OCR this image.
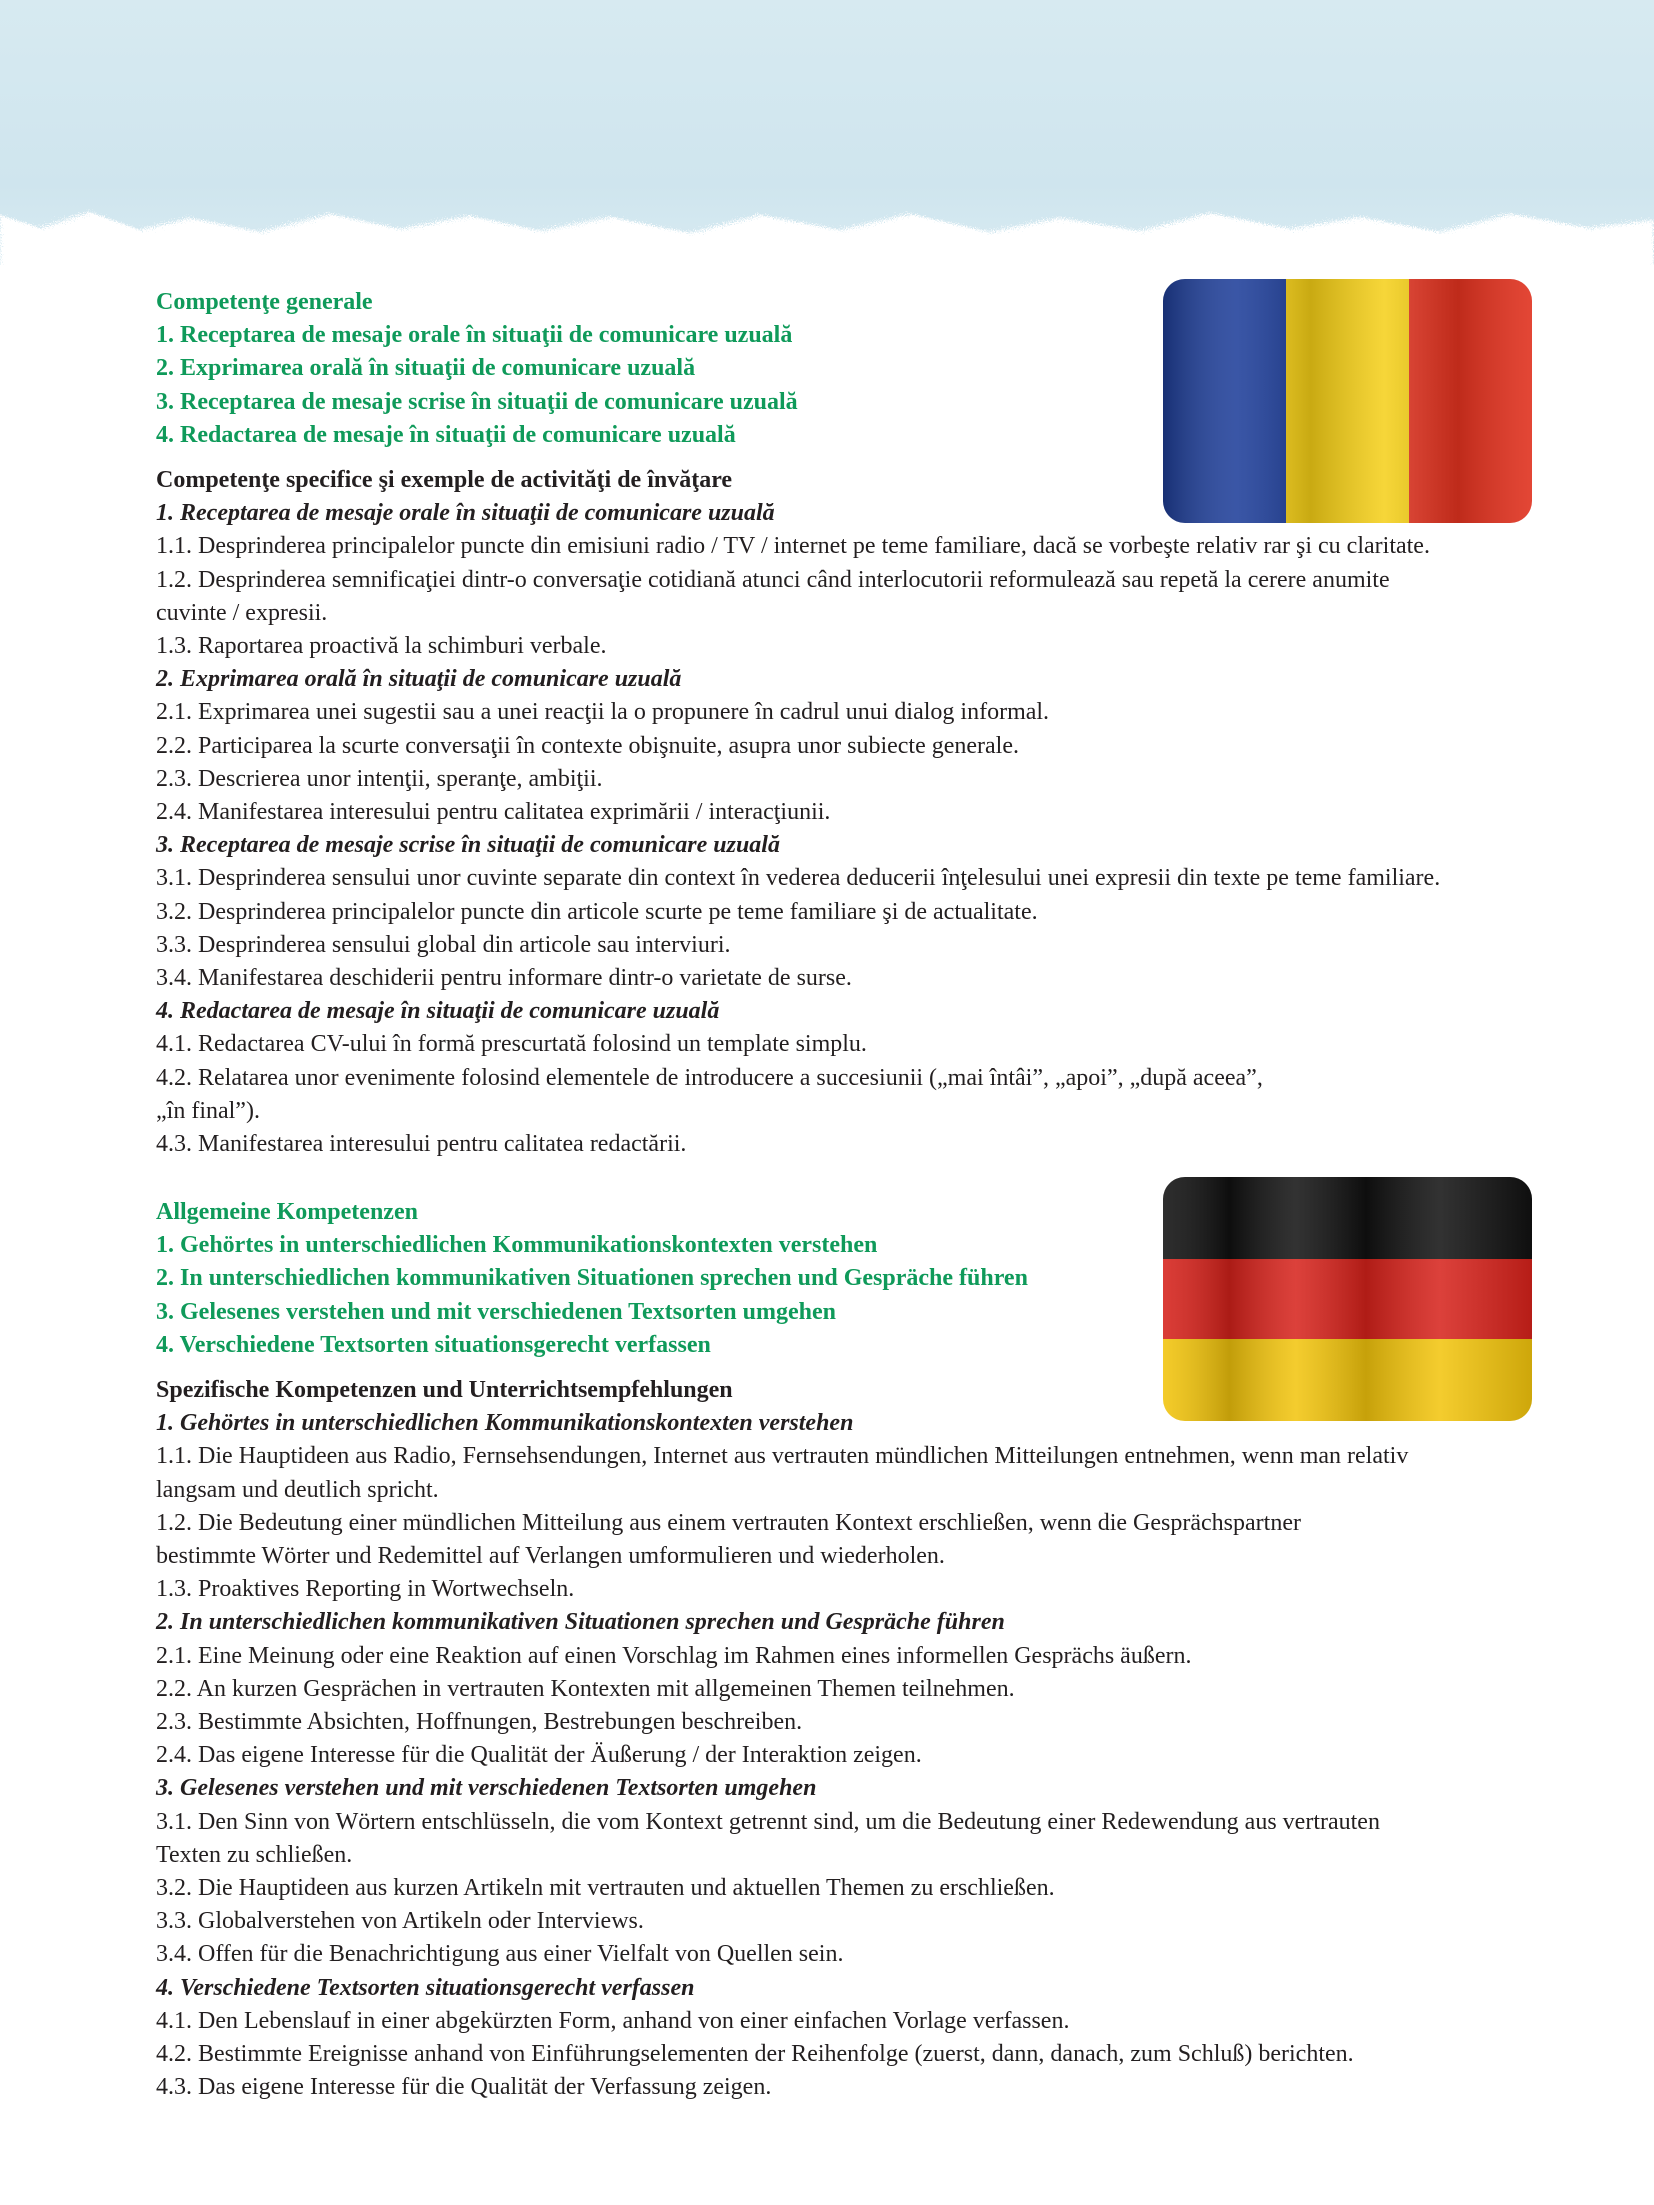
Competenţe generale
1. Receptarea de mesaje orale în situaţii de comunicare uzuală
2. Exprimarea orală în situaţii de comunicare uzuală
3. Receptarea de mesaje scrise în situaţii de comunicare uzuală
4. Redactarea de mesaje în situaţii de comunicare uzuală
Competenţe specifice şi exemple de activităţi de învăţare
1. Receptarea de mesaje orale în situaţii de comunicare uzuală
1.1. Desprinderea principalelor puncte din emisiuni radio / TV / internet pe teme familiare, dacă se vorbeşte relativ rar şi cu claritate.
1.2. Desprinderea semnificaţiei dintr-o conversaţie cotidiană atunci când interlocutorii reformulează sau repetă la cerere anumite
cuvinte / expresii.
1.3. Raportarea proactivă la schimburi verbale.
2. Exprimarea orală în situaţii de comunicare uzuală
2.1. Exprimarea unei sugestii sau a unei reacţii la o propunere în cadrul unui dialog informal.
2.2. Participarea la scurte conversaţii în contexte obişnuite, asupra unor subiecte generale.
2.3. Descrierea unor intenţii, speranţe, ambiţii.
2.4. Manifestarea interesului pentru calitatea exprimării / interacţiunii.
3. Receptarea de mesaje scrise în situaţii de comunicare uzuală
3.1. Desprinderea sensului unor cuvinte separate din context în vederea deducerii înţelesului unei expresii din texte pe teme familiare.
3.2. Desprinderea principalelor puncte din articole scurte pe teme familiare şi de actualitate.
3.3. Desprinderea sensului global din articole sau interviuri.
3.4. Manifestarea deschiderii pentru informare dintr-o varietate de surse.
4. Redactarea de mesaje în situaţii de comunicare uzuală
4.1. Redactarea CV-ului în formă prescurtată folosind un template simplu.
4.2. Relatarea unor evenimente folosind elementele de introducere a succesiunii („mai întâi”, „apoi”, „după aceea”,
„în final”).
4.3. Manifestarea interesului pentru calitatea redactării.
Allgemeine Kompetenzen
1. Gehörtes in unterschiedlichen Kommunikationskontexten verstehen
2. In unterschiedlichen kommunikativen Situationen sprechen und Gespräche führen
3. Gelesenes verstehen und mit verschiedenen Textsorten umgehen
4. Verschiedene Textsorten situationsgerecht verfassen
Spezifische Kompetenzen und Unterrichtsempfehlungen
1. Gehörtes in unterschiedlichen Kommunikationskontexten verstehen
1.1. Die Hauptideen aus Radio, Fernsehsendungen, Internet aus vertrauten mündlichen Mitteilungen entnehmen, wenn man relativ
langsam und deutlich spricht.
1.2. Die Bedeutung einer mündlichen Mitteilung aus einem vertrauten Kontext erschließen, wenn die Gesprächspartner
bestimmte Wörter und Redemittel auf Verlangen umformulieren und wiederholen.
1.3. Proaktives Reporting in Wortwechseln.
2. In unterschiedlichen kommunikativen Situationen sprechen und Gespräche führen
2.1. Eine Meinung oder eine Reaktion auf einen Vorschlag im Rahmen eines informellen Gesprächs äußern.
2.2. An kurzen Gesprächen in vertrauten Kontexten mit allgemeinen Themen teilnehmen.
2.3. Bestimmte Absichten, Hoffnungen, Bestrebungen beschreiben.
2.4. Das eigene Interesse für die Qualität der Äußerung / der Interaktion zeigen.
3. Gelesenes verstehen und mit verschiedenen Textsorten umgehen
3.1. Den Sinn von Wörtern entschlüsseln, die vom Kontext getrennt sind, um die Bedeutung einer Redewendung aus vertrauten
Texten zu schließen.
3.2. Die Hauptideen aus kurzen Artikeln mit vertrauten und aktuellen Themen zu erschließen.
3.3. Globalverstehen von Artikeln oder Interviews.
3.4. Offen für die Benachrichtigung aus einer Vielfalt von Quellen sein.
4. Verschiedene Textsorten situationsgerecht verfassen
4.1. Den Lebenslauf in einer abgekürzten Form, anhand von einer einfachen Vorlage verfassen.
4.2. Bestimmte Ereignisse anhand von Einführungselementen der Reihenfolge (zuerst, dann, danach, zum Schluß) berichten.
4.3. Das eigene Interesse für die Qualität der Verfassung zeigen.
